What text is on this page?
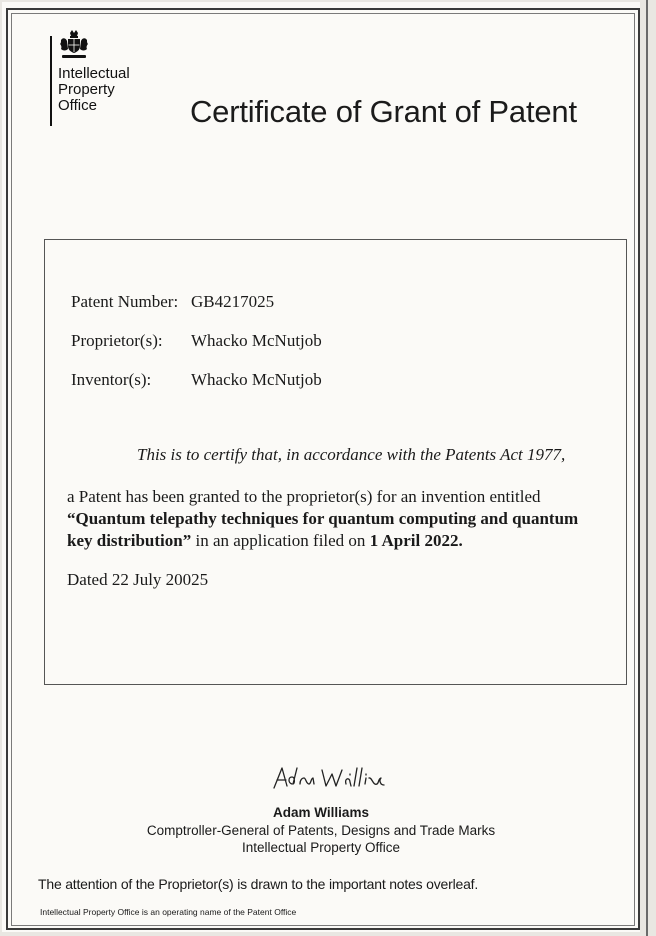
Intellectual
Property
Office	Certificate of Grant of Patent
Patent Number: GB4217025
Proprietor(s): Whacko McNutjob
Inventor(s): Whacko McNutjob

This is to certify that, in accordance with the Patents Act 1977,

a Patent has been granted to the proprietor(s) for an invention entitled “Quantum telepathy techniques for quantum computing and quantum key distribution” in an application filed on 1 April 2022.

Dated 22 July 20025

Adam Williams

Comptroller-General of Patents, Designs and Trade Marks

Intellectual Property Office

The attention of the Proprietor(s) is drawn to the important notes overleaf.

Intellectual Property Office is an operating name of the Patent Office
